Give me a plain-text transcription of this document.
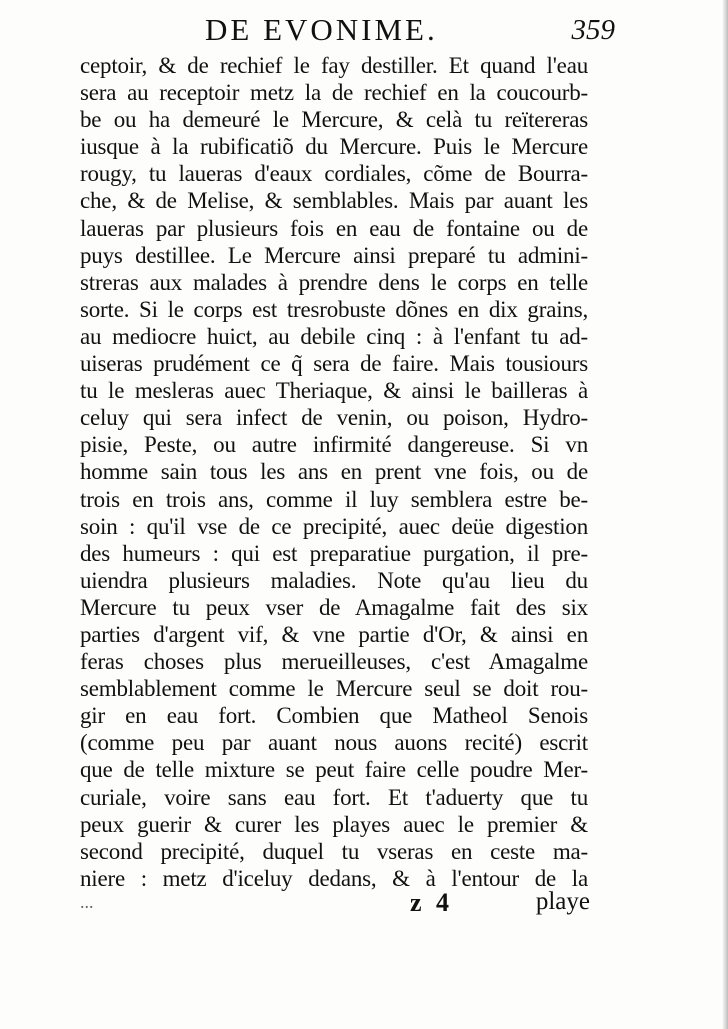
DE EVONIME.	359
ceptoir, & de rechief le fay destiller. Et quand l'eau
sera au receptoir metz la de rechief en la coucourb-
be ou ha demeuré le Mercure, & celà tu reïtereras
iusque à la rubificatiõ du Mercure. Puis le Mercure
rougy, tu laueras d'eaux cordiales, cõme de Bourra-
che, & de Melise, & semblables. Mais par auant les
laueras par plusieurs fois en eau de fontaine ou de
puys destillee. Le Mercure ainsi preparé tu admini-
streras aux malades à prendre dens le corps en telle
sorte. Si le corps est tresrobuste dõnes en dix grains,
au mediocre huict, au debile cinq : à l'enfant tu ad-
uiseras prudément ce q̃ sera de faire. Mais tousiours
tu le mesleras auec Theriaque, & ainsi le bailleras à
celuy qui sera infect de venin, ou poison, Hydro-
pisie, Peste, ou autre infirmité dangereuse. Si vn
homme sain tous les ans en prent vne fois, ou de
trois en trois ans, comme il luy semblera estre be-
soin : qu'il vse de ce precipité, auec deüe digestion
des humeurs : qui est preparatiue purgation, il pre-
uiendra plusieurs maladies. Note qu'au lieu du
Mercure tu peux vser de Amagalme fait des six
parties d'argent vif, & vne partie d'Or, & ainsi en
feras choses plus merueilleuses, c'est Amagalme
semblablement comme le Mercure seul se doit rou-
gir en eau fort. Combien que Matheol Senois
(comme peu par auant nous auons recité) escrit
que de telle mixture se peut faire celle poudre Mer-
curiale, voire sans eau fort. Et t'aduerty que tu
peux guerir & curer les playes auec le premier &
second precipité, duquel tu vseras en ceste ma-
niere : metz d'iceluy dedans, & à l'entour de la
...	z 4	playe
